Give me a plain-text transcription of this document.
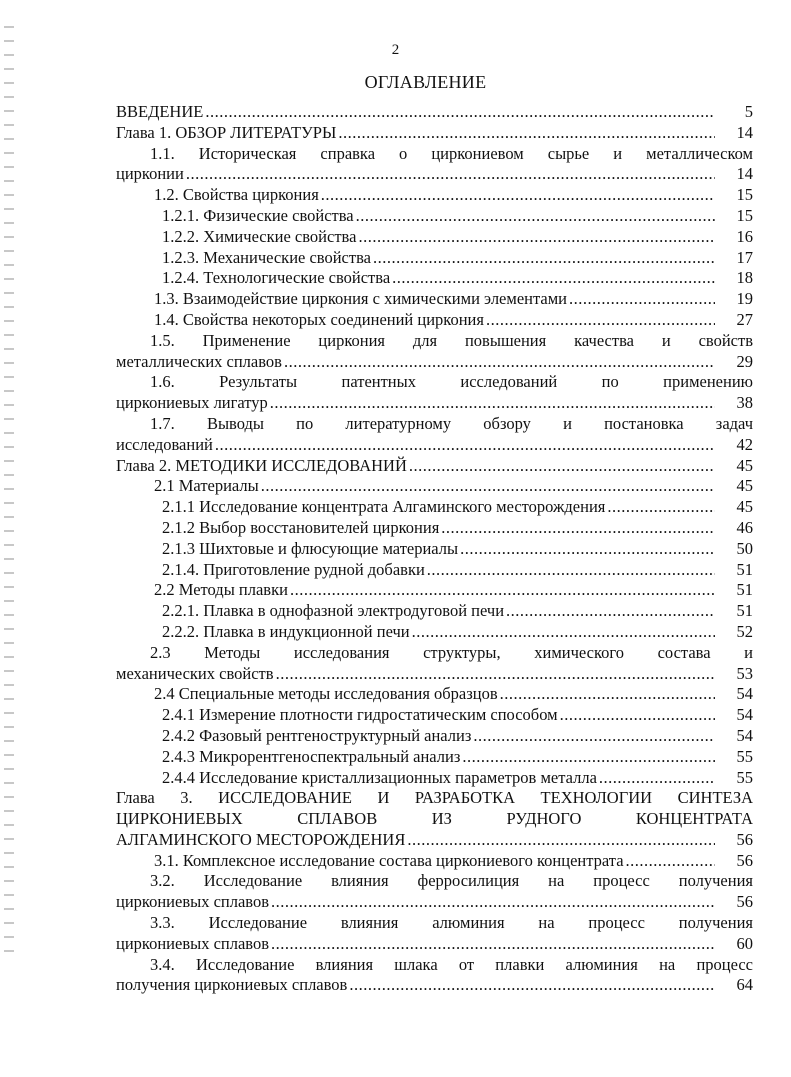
2
ОГЛАВЛЕНИЕ
ВВЕДЕНИЕ .....	5
Глава 1. ОБЗОР ЛИТЕРАТУРЫ .....	14
1.1. Историческая справка о циркониевом сырье и металлическом
цирконии .....	14
1.2. Свойства циркония .....	15
1.2.1. Физические свойства .....	15
1.2.2. Химические свойства .....	16
1.2.3. Механические свойства .....	17
1.2.4. Технологические свойства .....	18
1.3. Взаимодействие циркония с химическими элементами .....	19
1.4. Свойства некоторых соединений циркония .....	27
1.5. Применение циркония для повышения качества и свойств
металлических сплавов .....	29
1.6. Результаты патентных исследований по применению
циркониевых лигатур .....	38
1.7. Выводы по литературному обзору и постановка задач
исследований .....	42
Глава 2. МЕТОДИКИ ИССЛЕДОВАНИЙ .....	45
2.1 Материалы .....	45
2.1.1 Исследование концентрата Алгаминского месторождения .....	45
2.1.2 Выбор восстановителей циркония .....	46
2.1.3 Шихтовые и флюсующие материалы .....	50
2.1.4. Приготовление рудной добавки .....	51
2.2 Методы плавки .....	51
2.2.1. Плавка в однофазной электродуговой печи .....	51
2.2.2. Плавка в индукционной печи .....	52
2.3 Методы исследования структуры, химического состава и
механических свойств .....	53
2.4 Специальные методы исследования образцов .....	54
2.4.1 Измерение плотности гидростатическим способом .....	54
2.4.2 Фазовый рентгеноструктурный анализ .....	54
2.4.3 Микрорентгеноспектральный анализ .....	55
2.4.4 Исследование кристаллизационных параметров металла .....	55
Глава 3. ИССЛЕДОВАНИЕ И РАЗРАБОТКА ТЕХНОЛОГИИ СИНТЕЗА
ЦИРКОНИЕВЫХ СПЛАВОВ ИЗ РУДНОГО КОНЦЕНТРАТА
АЛГАМИНСКОГО МЕСТОРОЖДЕНИЯ .....	56
3.1. Комплексное исследование состава циркониевого концентрата .....	56
3.2. Исследование влияния ферросилиция на процесс получения
циркониевых сплавов .....	56
3.3. Исследование влияния алюминия на процесс получения
циркониевых сплавов .....	60
3.4. Исследование влияния шлака от плавки алюминия на процесс
получения циркониевых сплавов .....	64
